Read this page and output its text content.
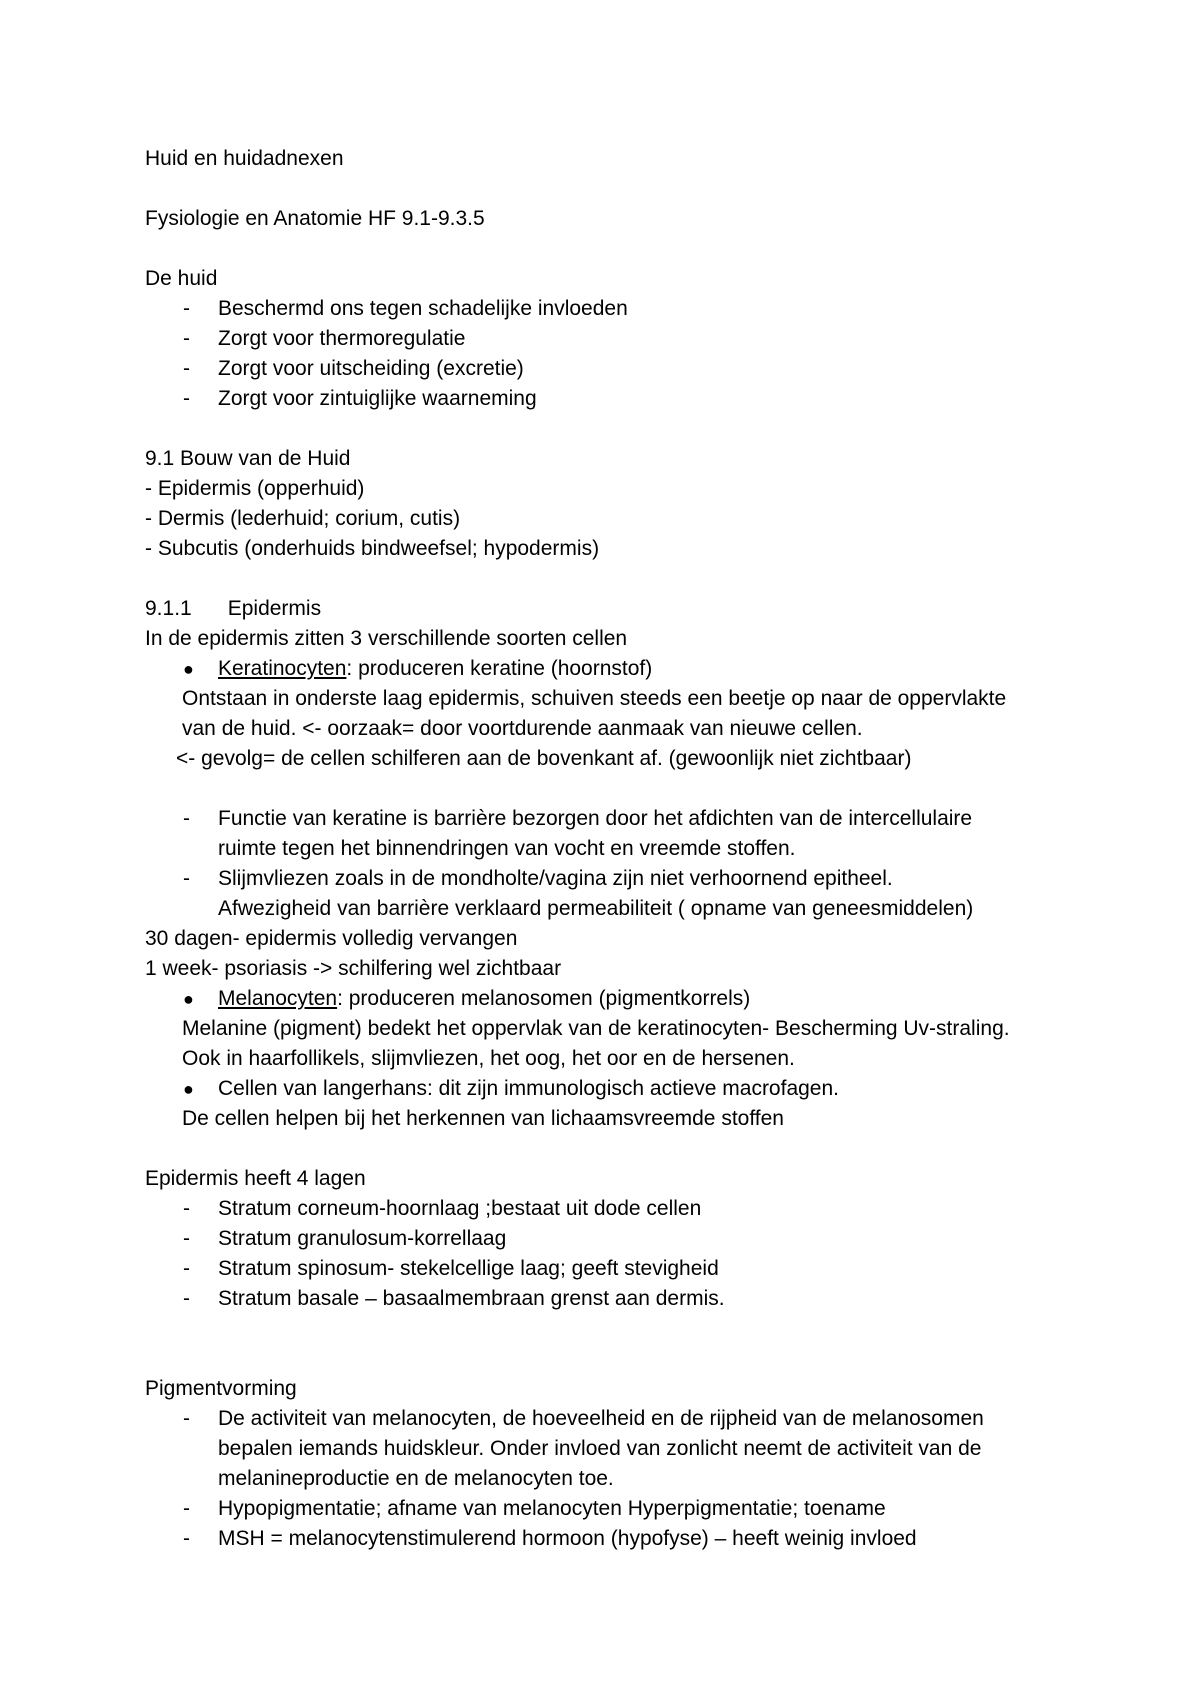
Huid en huidadnexen
Fysiologie en Anatomie HF 9.1-9.3.5
De huid
- Beschermd ons tegen schadelijke invloeden
- Zorgt voor thermoregulatie
- Zorgt voor uitscheiding (excretie)
- Zorgt voor zintuiglijke waarneming
9.1 Bouw van de Huid
- Epidermis (opperhuid)
- Dermis (lederhuid; corium, cutis)
- Subcutis (onderhuids bindweefsel; hypodermis)
9.1.1 Epidermis
In de epidermis zitten 3 verschillende soorten cellen
● Keratinocyten: produceren keratine (hoornstof)
Ontstaan in onderste laag epidermis, schuiven steeds een beetje op naar de oppervlakte
van de huid. <- oorzaak= door voortdurende aanmaak van nieuwe cellen.
<- gevolg= de cellen schilferen aan de bovenkant af. (gewoonlijk niet zichtbaar)
- Functie van keratine is barrière bezorgen door het afdichten van de intercellulaire
ruimte tegen het binnendringen van vocht en vreemde stoffen.
- Slijmvliezen zoals in de mondholte/vagina zijn niet verhoornend epitheel.
Afwezigheid van barrière verklaard permeabiliteit ( opname van geneesmiddelen)
30 dagen- epidermis volledig vervangen
1 week- psoriasis -> schilfering wel zichtbaar
● Melanocyten: produceren melanosomen (pigmentkorrels)
Melanine (pigment) bedekt het oppervlak van de keratinocyten- Bescherming Uv-straling.
Ook in haarfollikels, slijmvliezen, het oog, het oor en de hersenen.
● Cellen van langerhans: dit zijn immunologisch actieve macrofagen.
De cellen helpen bij het herkennen van lichaamsvreemde stoffen
Epidermis heeft 4 lagen
- Stratum corneum-hoornlaag ;bestaat uit dode cellen
- Stratum granulosum-korrellaag
- Stratum spinosum- stekelcellige laag; geeft stevigheid
- Stratum basale – basaalmembraan grenst aan dermis.
Pigmentvorming
- De activiteit van melanocyten, de hoeveelheid en de rijpheid van de melanosomen
bepalen iemands huidskleur. Onder invloed van zonlicht neemt de activiteit van de
melanineproductie en de melanocyten toe.
- Hypopigmentatie; afname van melanocyten Hyperpigmentatie; toename
- MSH = melanocytenstimulerend hormoon (hypofyse) – heeft weinig invloed
